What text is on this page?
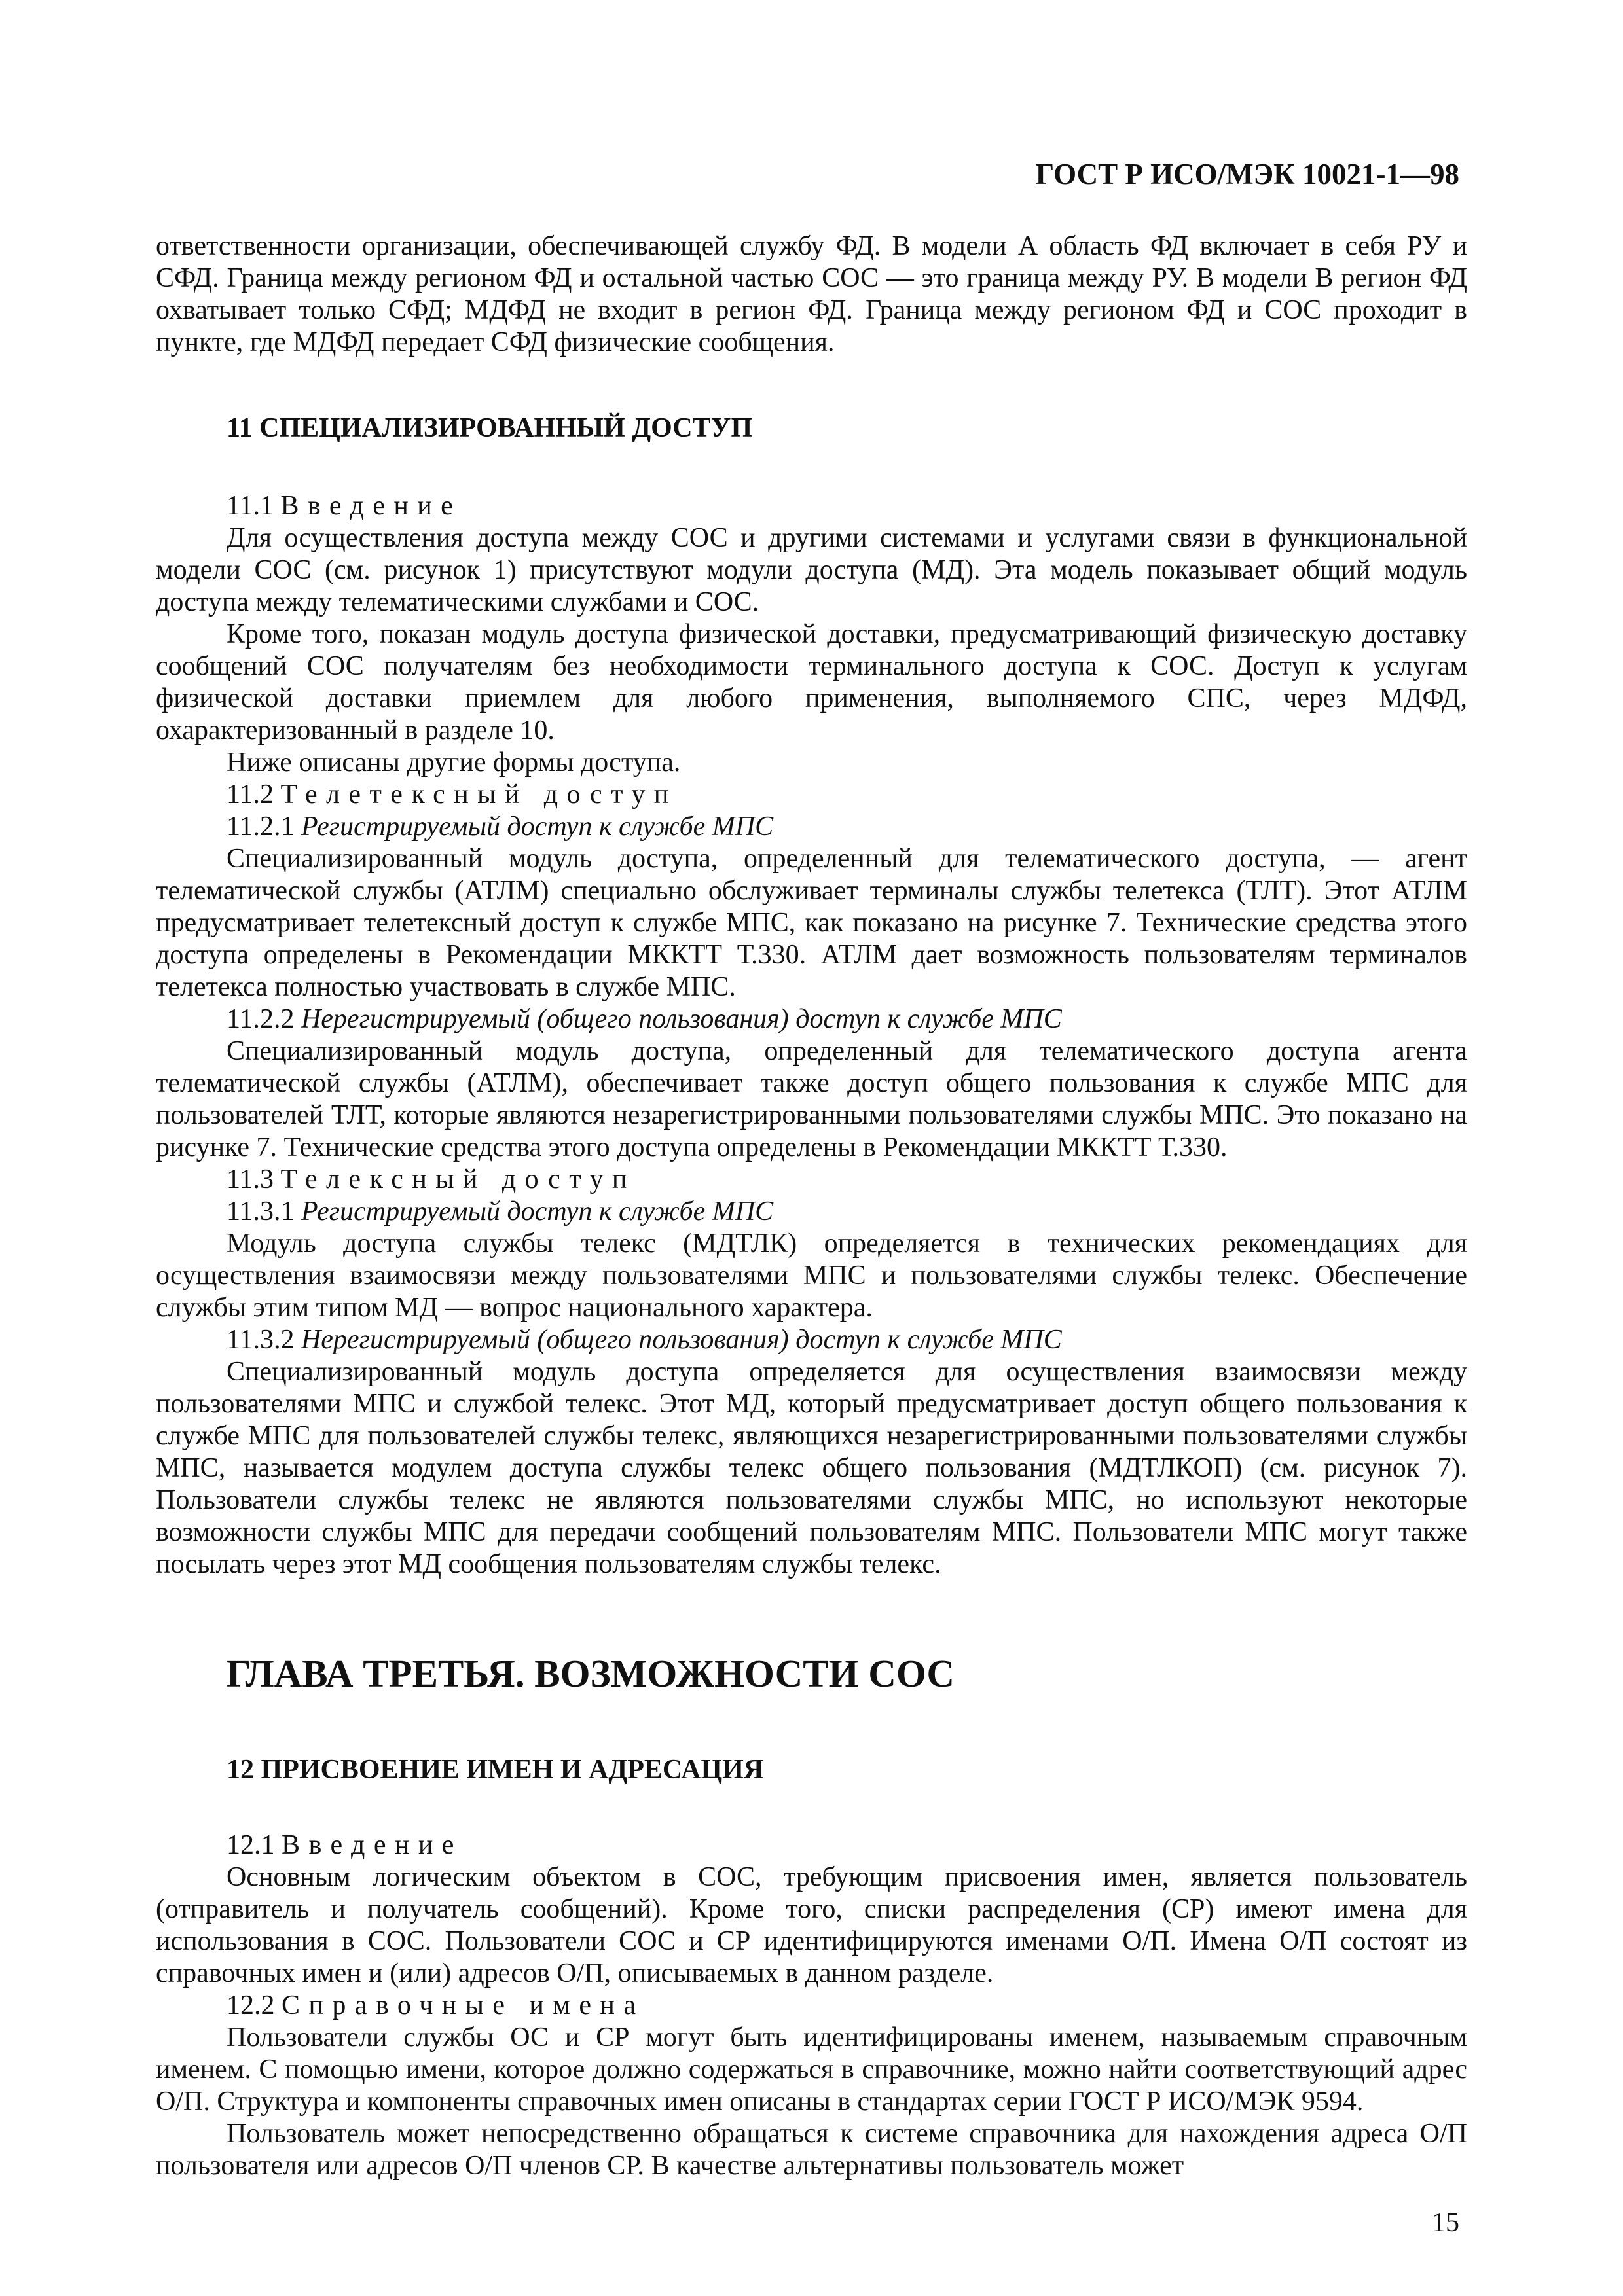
ГОСТ Р ИСО/МЭК 10021-1—98

ответственности организации, обеспечивающей службу ФД. В модели А область ФД включает в себя РУ и СФД. Граница между регионом ФД и остальной частью СОС — это граница между РУ. В модели В регион ФД охватывает только СФД; МДФД не входит в регион ФД. Граница между регионом ФД и СОС проходит в пункте, где МДФД передает СФД физические сообщения.

11 СПЕЦИАЛИЗИРОВАННЫЙ ДОСТУП

11.1 Введение

Для осуществления доступа между СОС и другими системами и услугами связи в функциональной модели СОС (см. рисунок 1) присутствуют модули доступа (МД). Эта модель показывает общий модуль доступа между телематическими службами и СОС.

Кроме того, показан модуль доступа физической доставки, предусматривающий физическую доставку сообщений СОС получателям без необходимости терминального доступа к СОС. Доступ к услугам физической доставки приемлем для любого применения, выполняемого СПС, через МДФД, охарактеризованный в разделе 10.

Ниже описаны другие формы доступа.

11.2 Телетексный доступ

11.2.1 Регистрируемый доступ к службе МПС

Специализированный модуль доступа, определенный для телематического доступа, — агент телематической службы (АТЛМ) специально обслуживает терминалы службы телетекса (ТЛТ). Этот АТЛМ предусматривает телетексный доступ к службе МПС, как показано на рисунке 7. Технические средства этого доступа определены в Рекомендации МККТТ Т.330. АТЛМ дает возможность пользователям терминалов телетекса полностью участвовать в службе МПС.

11.2.2 Нерегистрируемый (общего пользования) доступ к службе МПС

Специализированный модуль доступа, определенный для телематического доступа агента телематической службы (АТЛМ), обеспечивает также доступ общего пользования к службе МПС для пользователей ТЛТ, которые являются незарегистрированными пользователями службы МПС. Это показано на рисунке 7. Технические средства этого доступа определены в Рекомендации МККТТ Т.330.

11.3 Телексный доступ

11.3.1 Регистрируемый доступ к службе МПС

Модуль доступа службы телекс (МДТЛК) определяется в технических рекомендациях для осуществления взаимосвязи между пользователями МПС и пользователями службы телекс. Обеспечение службы этим типом МД — вопрос национального характера.

11.3.2 Нерегистрируемый (общего пользования) доступ к службе МПС

Специализированный модуль доступа определяется для осуществления взаимосвязи между пользователями МПС и службой телекс. Этот МД, который предусматривает доступ общего пользования к службе МПС для пользователей службы телекс, являющихся незарегистрированными пользователями службы МПС, называется модулем доступа службы телекс общего пользования (МДТЛКОП) (см. рисунок 7). Пользователи службы телекс не являются пользователями службы МПС, но используют некоторые возможности службы МПС для передачи сообщений пользователям МПС. Пользователи МПС могут также посылать через этот МД сообщения пользователям службы телекс.

ГЛАВА ТРЕТЬЯ. ВОЗМОЖНОСТИ СОС
12 ПРИСВОЕНИЕ ИМЕН И АДРЕСАЦИЯ

12.1 Введение

Основным логическим объектом в СОС, требующим присвоения имен, является пользователь (отправитель и получатель сообщений). Кроме того, списки распределения (СР) имеют имена для использования в СОС. Пользователи СОС и СР идентифицируются именами О/П. Имена О/П состоят из справочных имен и (или) адресов О/П, описываемых в данном разделе.

12.2 Справочные имена

Пользователи службы ОС и СР могут быть идентифицированы именем, называемым справочным именем. С помощью имени, которое должно содержаться в справочнике, можно найти соответствующий адрес О/П. Структура и компоненты справочных имен описаны в стандартах серии ГОСТ Р ИСО/МЭК 9594.

Пользователь может непосредственно обращаться к системе справочника для нахождения адреса О/П пользователя или адресов О/П членов СР. В качестве альтернативы пользователь может

15
